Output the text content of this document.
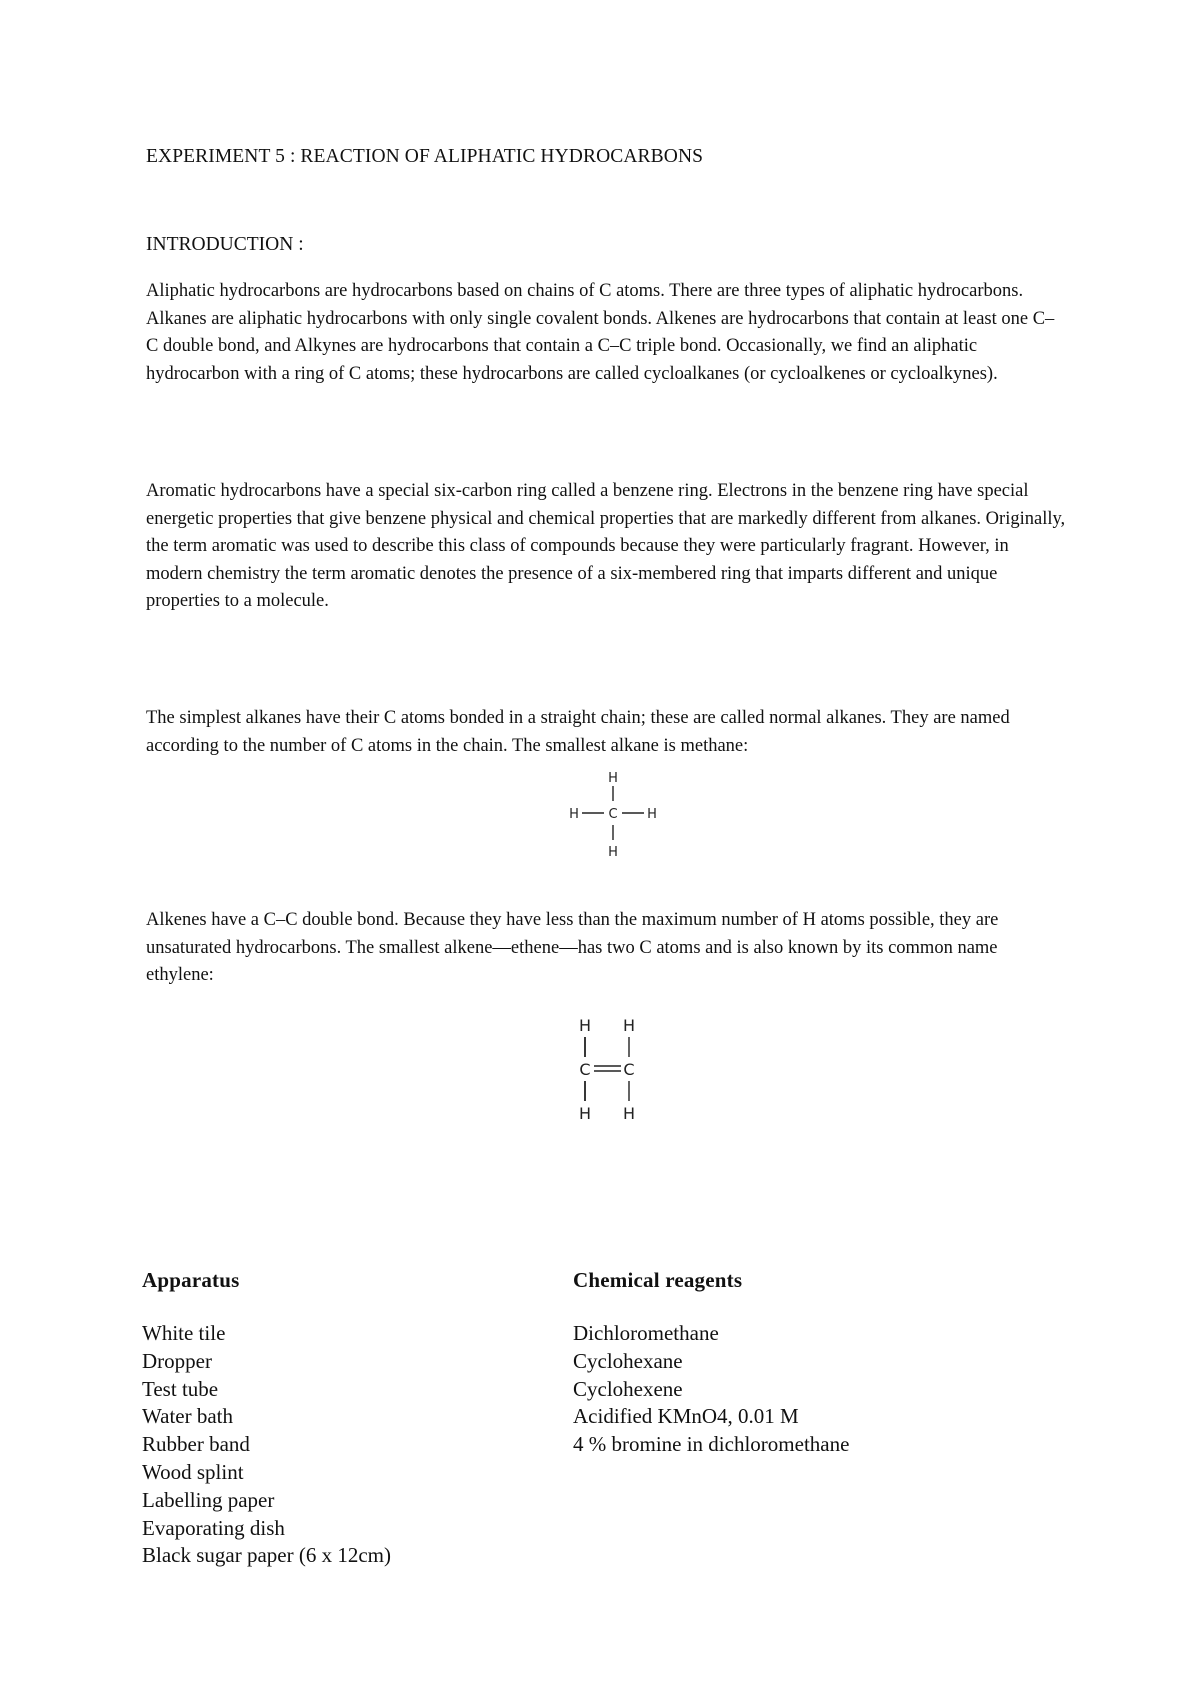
EXPERIMENT 5 : REACTION OF ALIPHATIC HYDROCARBONS
INTRODUCTION :

Aliphatic hydrocarbons are hydrocarbons based on chains of C atoms. There are three types of aliphatic hydrocarbons. Alkanes are aliphatic hydrocarbons with only single covalent bonds. Alkenes are hydrocarbons that contain at least one C–C double bond, and Alkynes are hydrocarbons that contain a C–C triple bond. Occasionally, we find an aliphatic hydrocarbon with a ring of C atoms; these hydrocarbons are called cycloalkanes (or cycloalkenes or cycloalkynes).

Aromatic hydrocarbons have a special six-carbon ring called a benzene ring. Electrons in the benzene ring have special energetic properties that give benzene physical and chemical properties that are markedly different from alkanes. Originally, the term aromatic was used to describe this class of compounds because they were particularly fragrant. However, in modern chemistry the term aromatic denotes the presence of a six-membered ring that imparts different and unique properties to a molecule.

The simplest alkanes have their C atoms bonded in a straight chain; these are called normal alkanes. They are named according to the number of C atoms in the chain. The smallest alkane is methane:

H
H C H
H

Alkenes have a C–C double bond. Because they have less than the maximum number of H atoms possible, they are unsaturated hydrocarbons. The smallest alkene—ethene—has two C atoms and is also known by its common name ethylene:

H H
C C
H H
Apparatus
White tile
Dropper
Test tube
Water bath
Rubber band
Wood splint
Labelling paper
Evaporating dish
Black sugar paper (6 x 12cm)
Chemical reagents
Dichloromethane
Cyclohexane
Cyclohexene
Acidified KMnO4, 0.01 M
4 % bromine in dichloromethane
